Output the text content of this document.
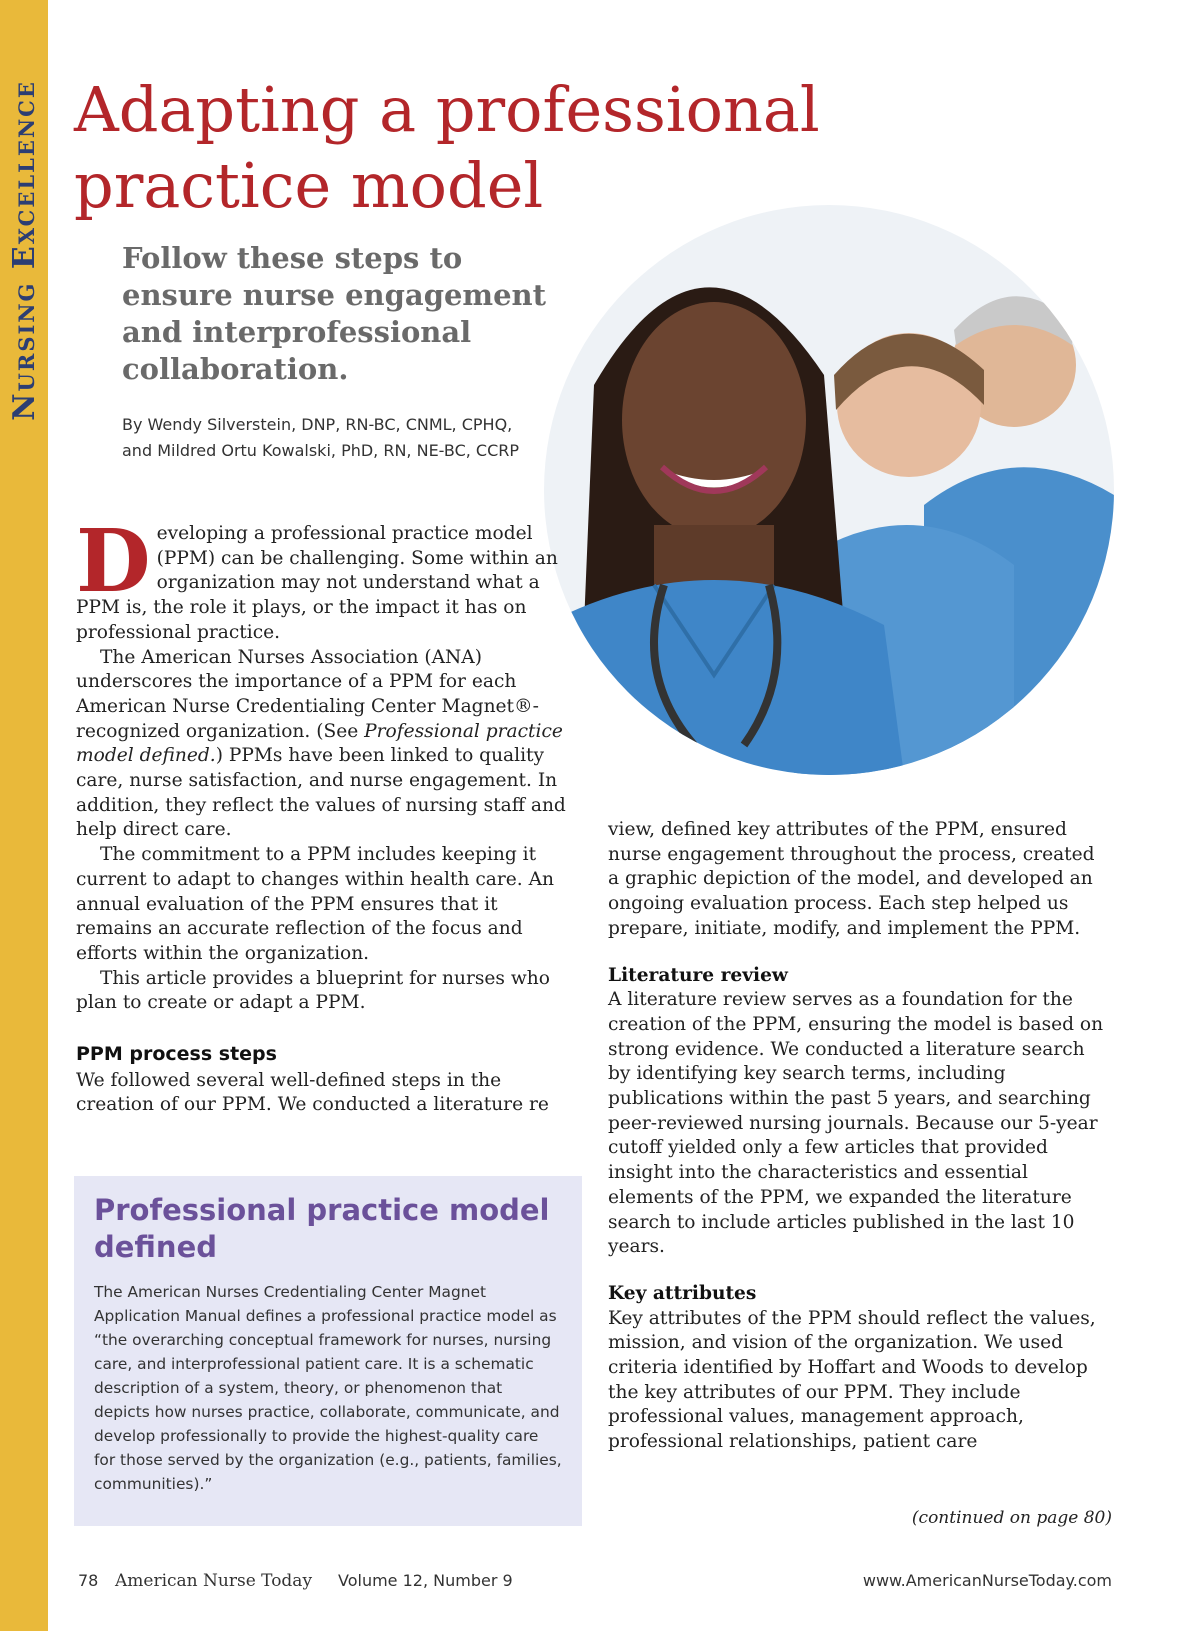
Nursing Excellence Adapting a professional practice model
Follow these steps to ensure nurse engagement and interprofessional collaboration.
By Wendy Silverstein, DNP, RN-BC, CNML, CPHQ,
and Mildred Ortu Kowalski, PhD, RN, NE-BC, CCRP

Developing a professional practice model (PPM) can be challenging. Some within an organization may not understand what a PPM is, the role it plays, or the impact it has on professional practice.

The American Nurses Association (ANA) underscores the importance of a PPM for each American Nurse Credentialing Center Magnet®-recognized organization. (See Professional practice model defined.) PPMs have been linked to quality care, nurse satisfaction, and nurse engagement. In addition, they reflect the values of nursing staff and help direct care.

The commitment to a PPM includes keeping it current to adapt to changes within health care. An annual evaluation of the PPM ensures that it remains an accurate reflection of the focus and efforts within the organization.

This article provides a blueprint for nurses who plan to create or adapt a PPM.

PPM process steps

We followed several well-defined steps in the creation of our PPM. We conducted a literature re

view, defined key attributes of the PPM, ensured nurse engagement throughout the process, created a graphic depiction of the model, and developed an ongoing evaluation process. Each step helped us prepare, initiate, modify, and implement the PPM.

Literature review

A literature review serves as a foundation for the creation of the PPM, ensuring the model is based on strong evidence. We conducted a literature search by identifying key search terms, including publications within the past 5 years, and searching peer-reviewed nursing journals. Because our 5-year cutoff yielded only a few articles that provided insight into the characteristics and essential elements of the PPM, we expanded the literature search to include articles published in the last 10 years.

Key attributes

Key attributes of the PPM should reflect the values, mission, and vision of the organization. We used criteria identified by Hoffart and Woods to develop the key attributes of our PPM. They include professional values, management approach, professional relationships, patient care

(continued on page 80)
Professional practice model defined

The American Nurses Credentialing Center Magnet Application Manual defines a professional practice model as “the overarching conceptual framework for nurses, nursing care, and interprofessional patient care. It is a schematic description of a system, theory, or phenomenon that depicts how nurses practice, collaborate, communicate, and develop professionally to provide the highest-quality care for those served by the organization (e.g., patients, families, communities).”

78 American Nurse Today Volume 12, Number 9	www.AmericanNurseToday.com
